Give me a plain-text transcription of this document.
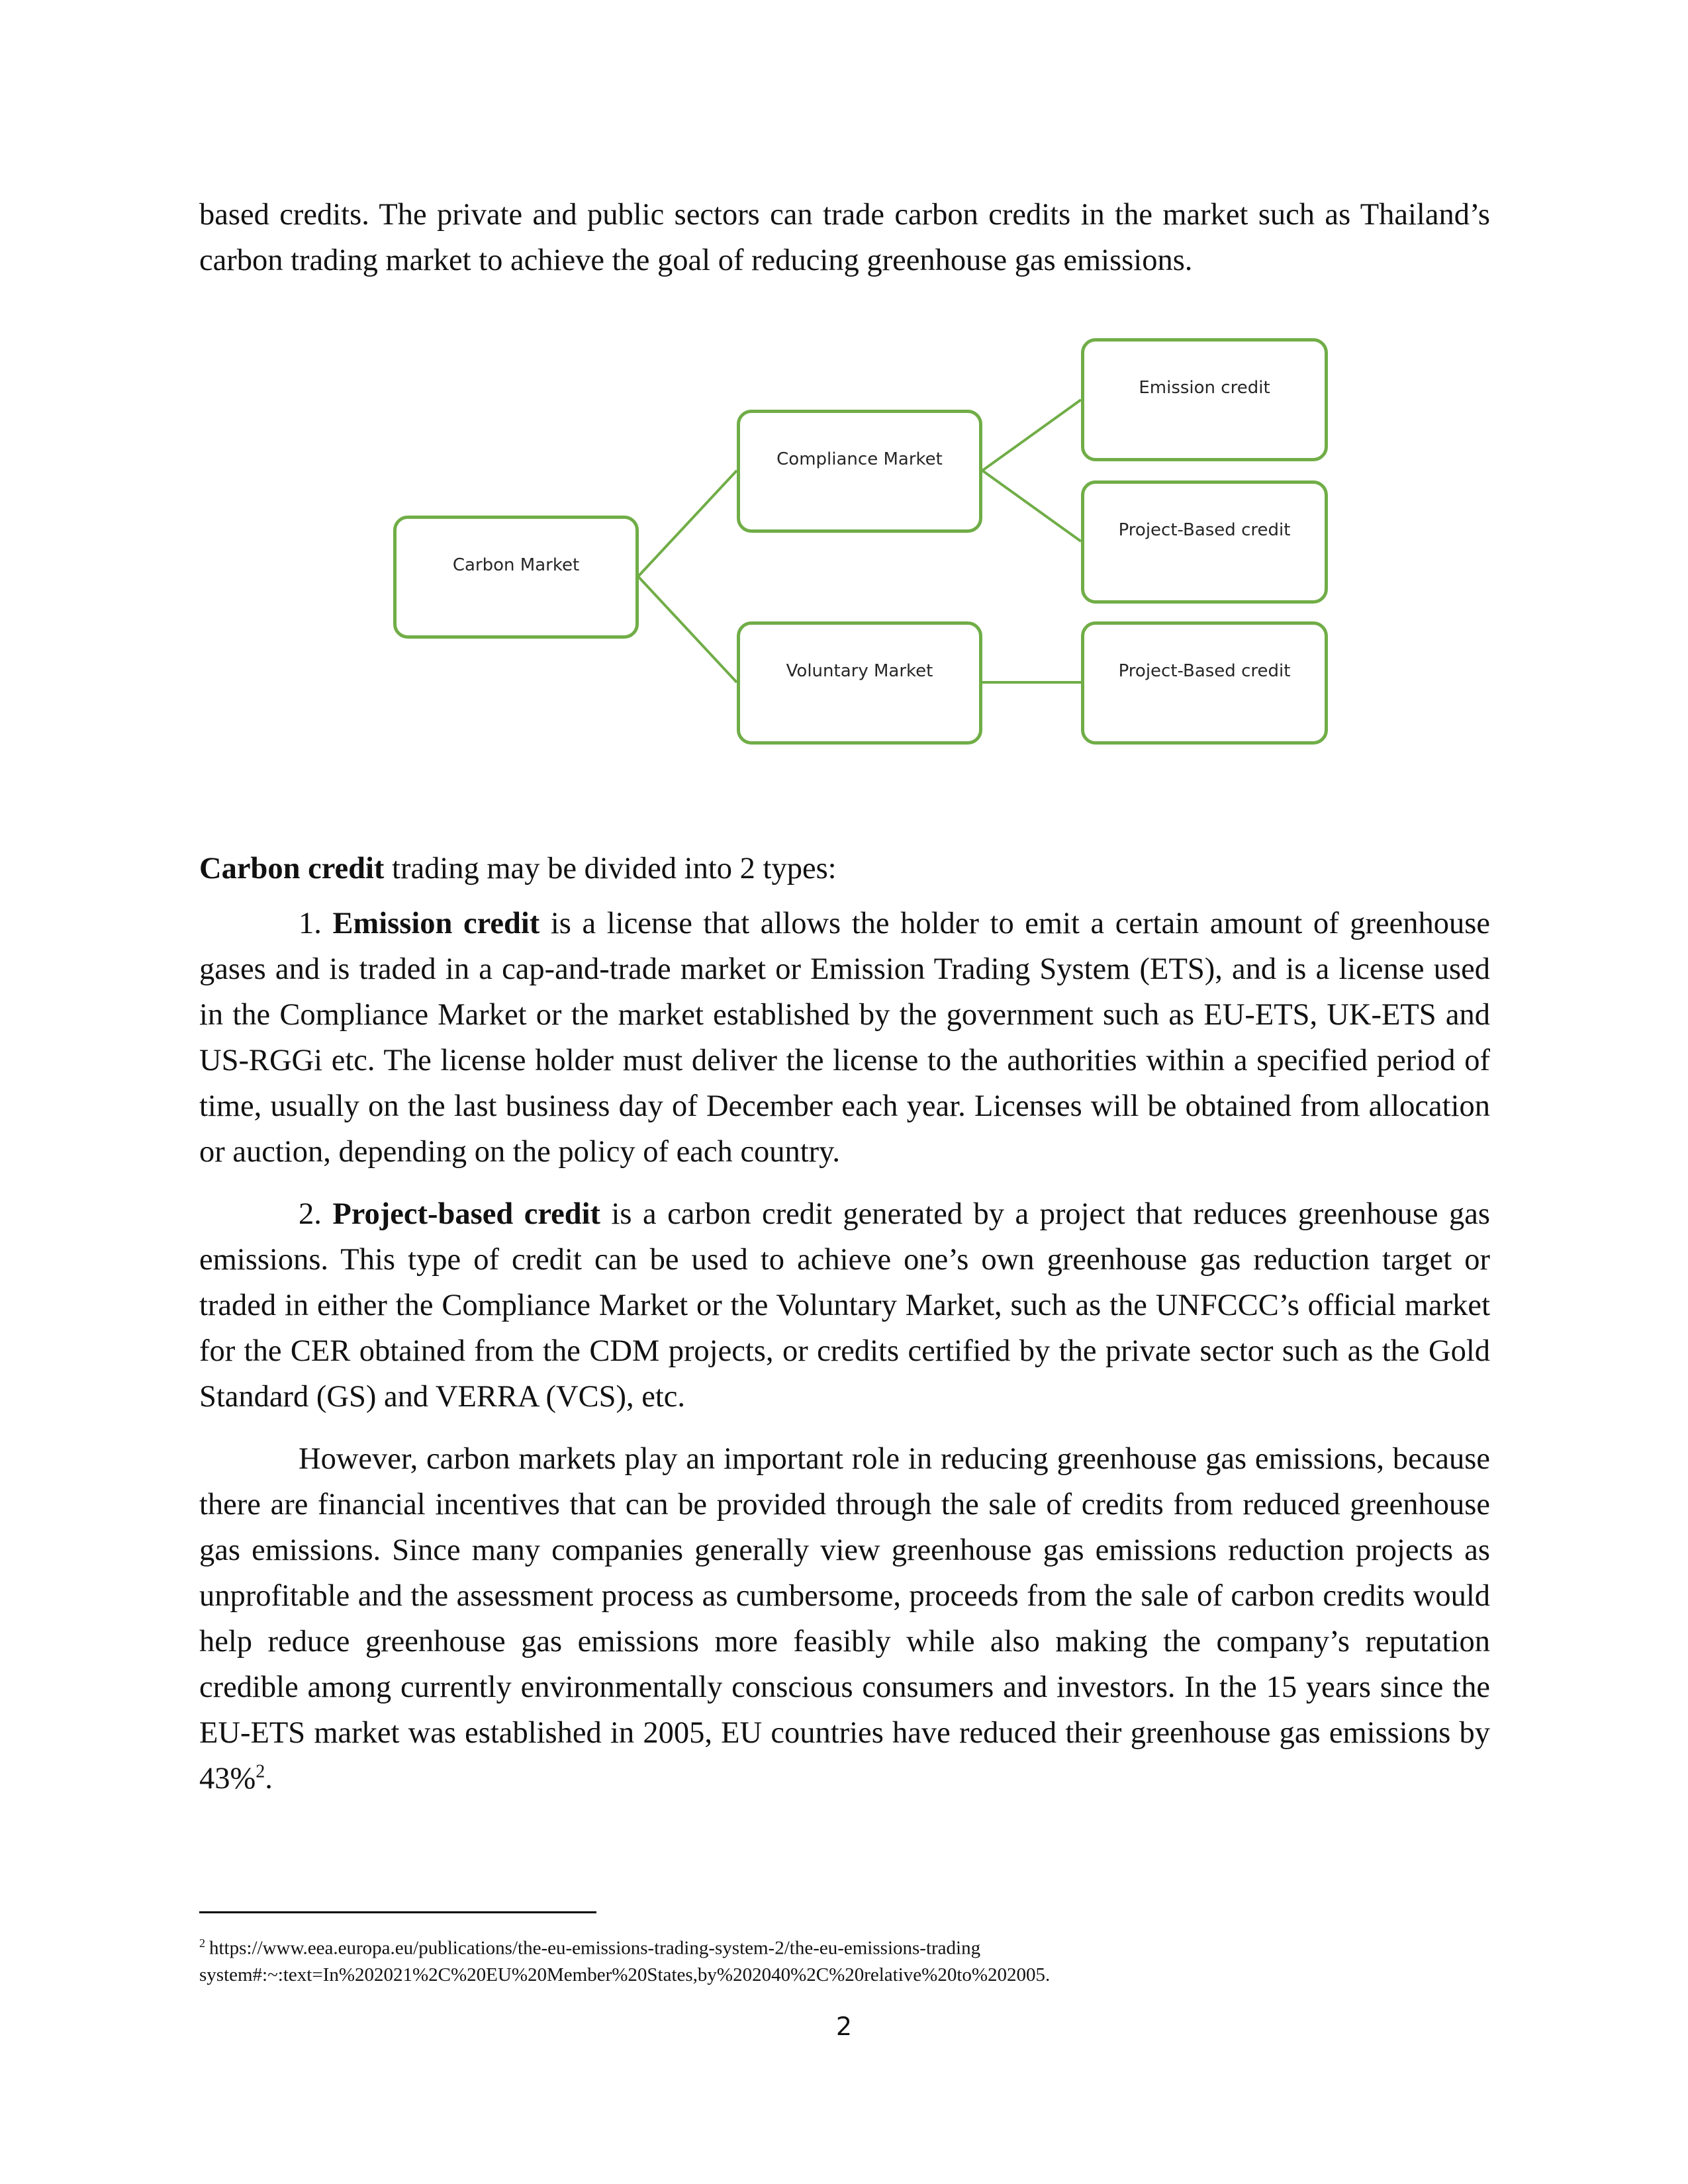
based credits. The private and public sectors can trade carbon credits in the market such as Thailand’s carbon trading market to achieve the goal of reducing greenhouse gas emissions.

Carbon Market
Compliance Market
Voluntary Market
Emission credit
Project-Based credit
Project-Based credit

Carbon credit trading may be divided into 2 types:

1. Emission credit is a license that allows the holder to emit a certain amount of greenhouse gases and is traded in a cap-and-trade market or Emission Trading System (ETS), and is a license used in the Compliance Market or the market established by the government such as EU-ETS, UK-ETS and US-RGGi etc. The license holder must deliver the license to the authorities within a specified period of time, usually on the last business day of December each year. Licenses will be obtained from allocation or auction, depending on the policy of each country.

2. Project-based credit is a carbon credit generated by a project that reduces greenhouse gas emissions. This type of credit can be used to achieve one’s own greenhouse gas reduction target or traded in either the Compliance Market or the Voluntary Market, such as the UNFCCC’s official market for the CER obtained from the CDM projects, or credits certified by the private sector such as the Gold Standard (GS) and VERRA (VCS), etc.

However, carbon markets play an important role in reducing greenhouse gas emissions, because there are financial incentives that can be provided through the sale of credits from reduced greenhouse gas emissions. Since many companies generally view greenhouse gas emissions reduction projects as unprofitable and the assessment process as cumbersome, proceeds from the sale of carbon credits would help reduce greenhouse gas emissions more feasibly while also making the company’s reputation credible among currently environmentally conscious consumers and investors. In the 15 years since the EU-ETS market was established in 2005, EU countries have reduced their greenhouse gas emissions by 43%$^2$.

$^2$ https://www.eea.europa.eu/publications/the-eu-emissions-trading-system-2/the-eu-emissions-trading
system#:~:text=In%202021%2C%20EU%20Member%20States,by%202040%2C%20relative%20to%202005.
2
